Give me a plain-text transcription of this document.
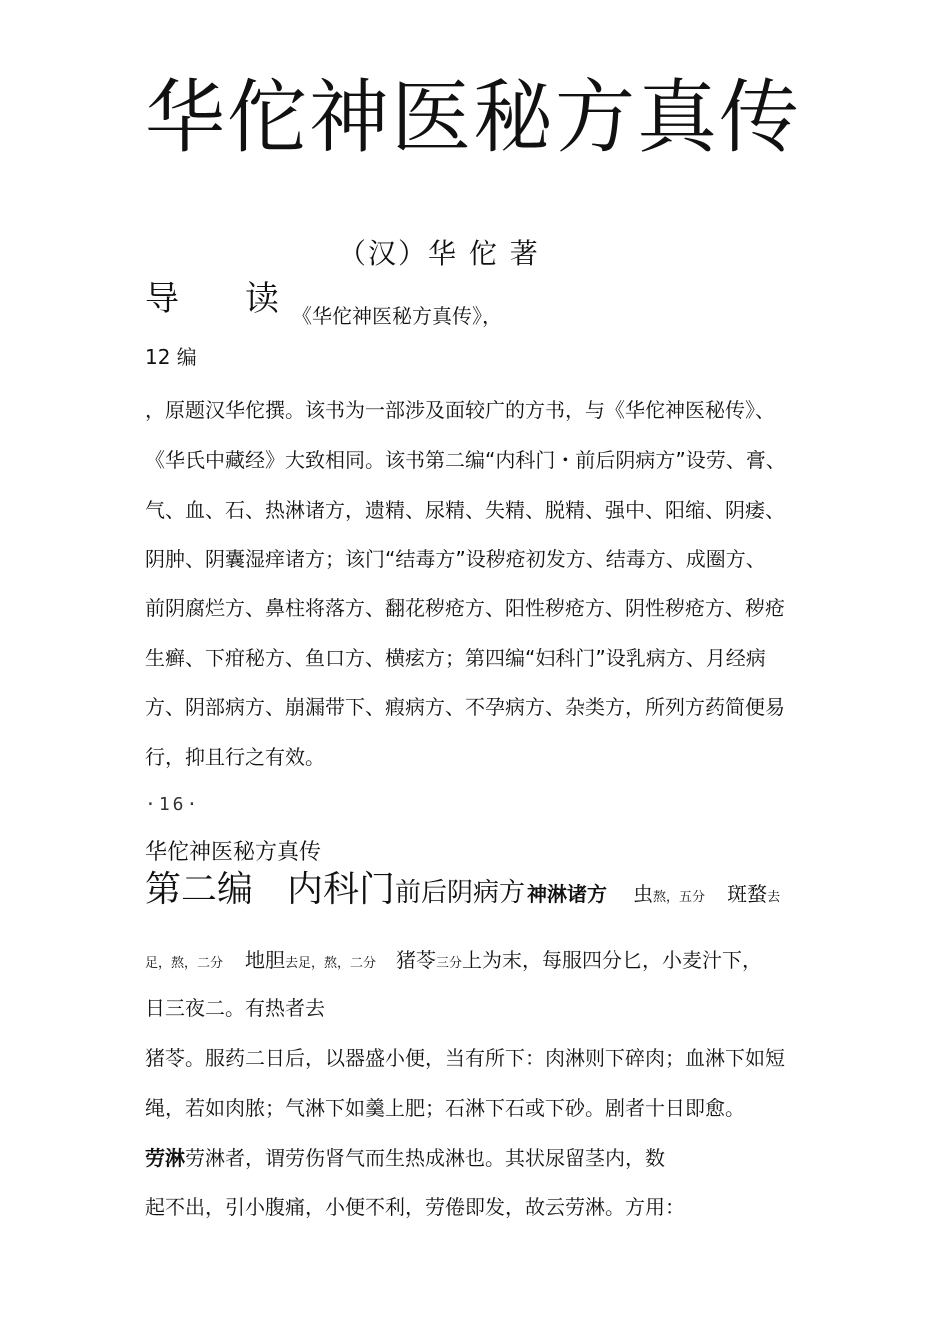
华佗神医秘方真传
（汉）华 佗 著
导 读 《华佗神医秘方真传》，
12 编
，原题汉华佗撰。该书为一部涉及面较广的方书，与《华佗神医秘传》、
《华氏中藏经》大致相同。该书第二编“内科门・前后阴病方”设劳、膏、
气、血、石、热淋诸方，遗精、尿精、失精、脱精、强中、阳缩、阴痿、
阴肿、阴囊湿痒诸方；该门“结毒方”设秽疮初发方、结毒方、成圈方、
前阴腐烂方、鼻柱将落方、翻花秽疮方、阳性秽疮方、阴性秽疮方、秽疮
生癣、下疳秘方、鱼口方、横痃方；第四编“妇科门”设乳病方、月经病
方、阴部病方、崩漏带下、瘕病方、不孕病方、杂类方，所列方药简便易
行，抑且行之有效。
·16·
华佗神医秘方真传
第二编 内科门前后阴病方 神淋诸方 虫熬，五分 斑蝥去
足，熬，二分 地胆去足，熬，二分 猪苓三分上为末，每服四分匕，小麦汁下，
日三夜二。有热者去
猪苓。服药二日后，以器盛小便，当有所下：肉淋则下碎肉；血淋下如短
绳，若如肉脓；气淋下如羹上肥；石淋下石或下砂。剧者十日即愈。
劳淋劳淋者，谓劳伤肾气而生热成淋也。其状尿留茎内，数
起不出，引小腹痛，小便不利，劳倦即发，故云劳淋。方用：
